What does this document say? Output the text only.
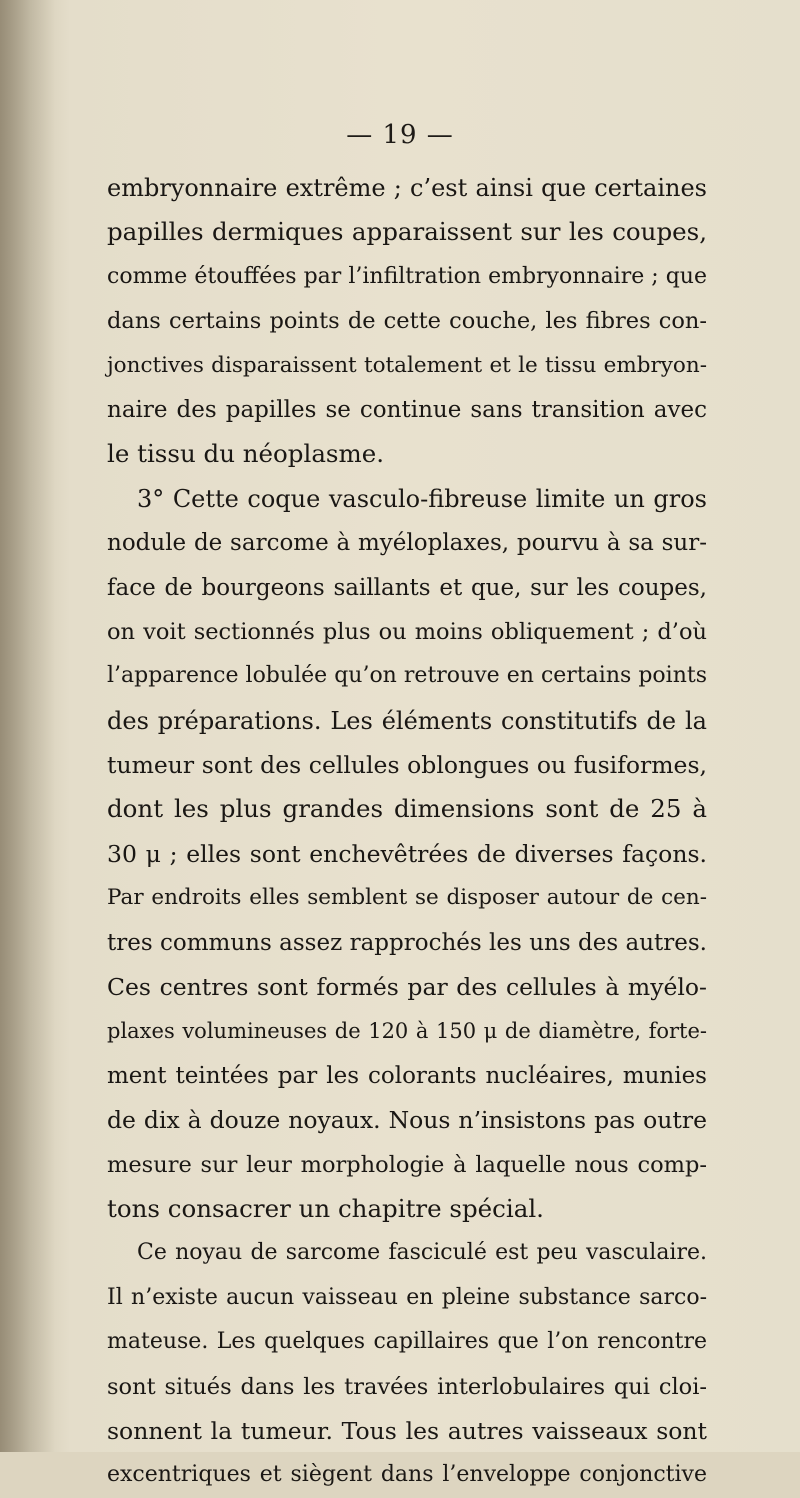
— 19 —
embryonnaire extrême ; c’est ainsi que certaines
papilles dermiques apparaissent sur les coupes,
comme étouffées par l’infiltration embryonnaire ; que
dans certains points de cette couche, les fibres con-
jonctives disparaissent totalement et le tissu embryon-
naire des papilles se continue sans transition avec
le tissu du néoplasme.
3° Cette coque vasculo-fibreuse limite un gros
nodule de sarcome à myéloplaxes, pourvu à sa sur-
face de bourgeons saillants et que, sur les coupes,
on voit sectionnés plus ou moins obliquement ; d’où
l’apparence lobulée qu’on retrouve en certains points
des préparations. Les éléments constitutifs de la
tumeur sont des cellules oblongues ou fusiformes,
dont les plus grandes dimensions sont de 25 à
30 μ ; elles sont enchevêtrées de diverses façons.
Par endroits elles semblent se disposer autour de cen-
tres communs assez rapprochés les uns des autres.
Ces centres sont formés par des cellules à myélo-
plaxes volumineuses de 120 à 150 μ de diamètre, forte-
ment teintées par les colorants nucléaires, munies
de dix à douze noyaux. Nous n’insistons pas outre
mesure sur leur morphologie à laquelle nous comp-
tons consacrer un chapitre spécial.
Ce noyau de sarcome fasciculé est peu vasculaire.
Il n’existe aucun vaisseau en pleine substance sarco-
mateuse. Les quelques capillaires que l’on rencontre
sont situés dans les travées interlobulaires qui cloi-
sonnent la tumeur. Tous les autres vaisseaux sont
excentriques et siègent dans l’enveloppe conjonctive
